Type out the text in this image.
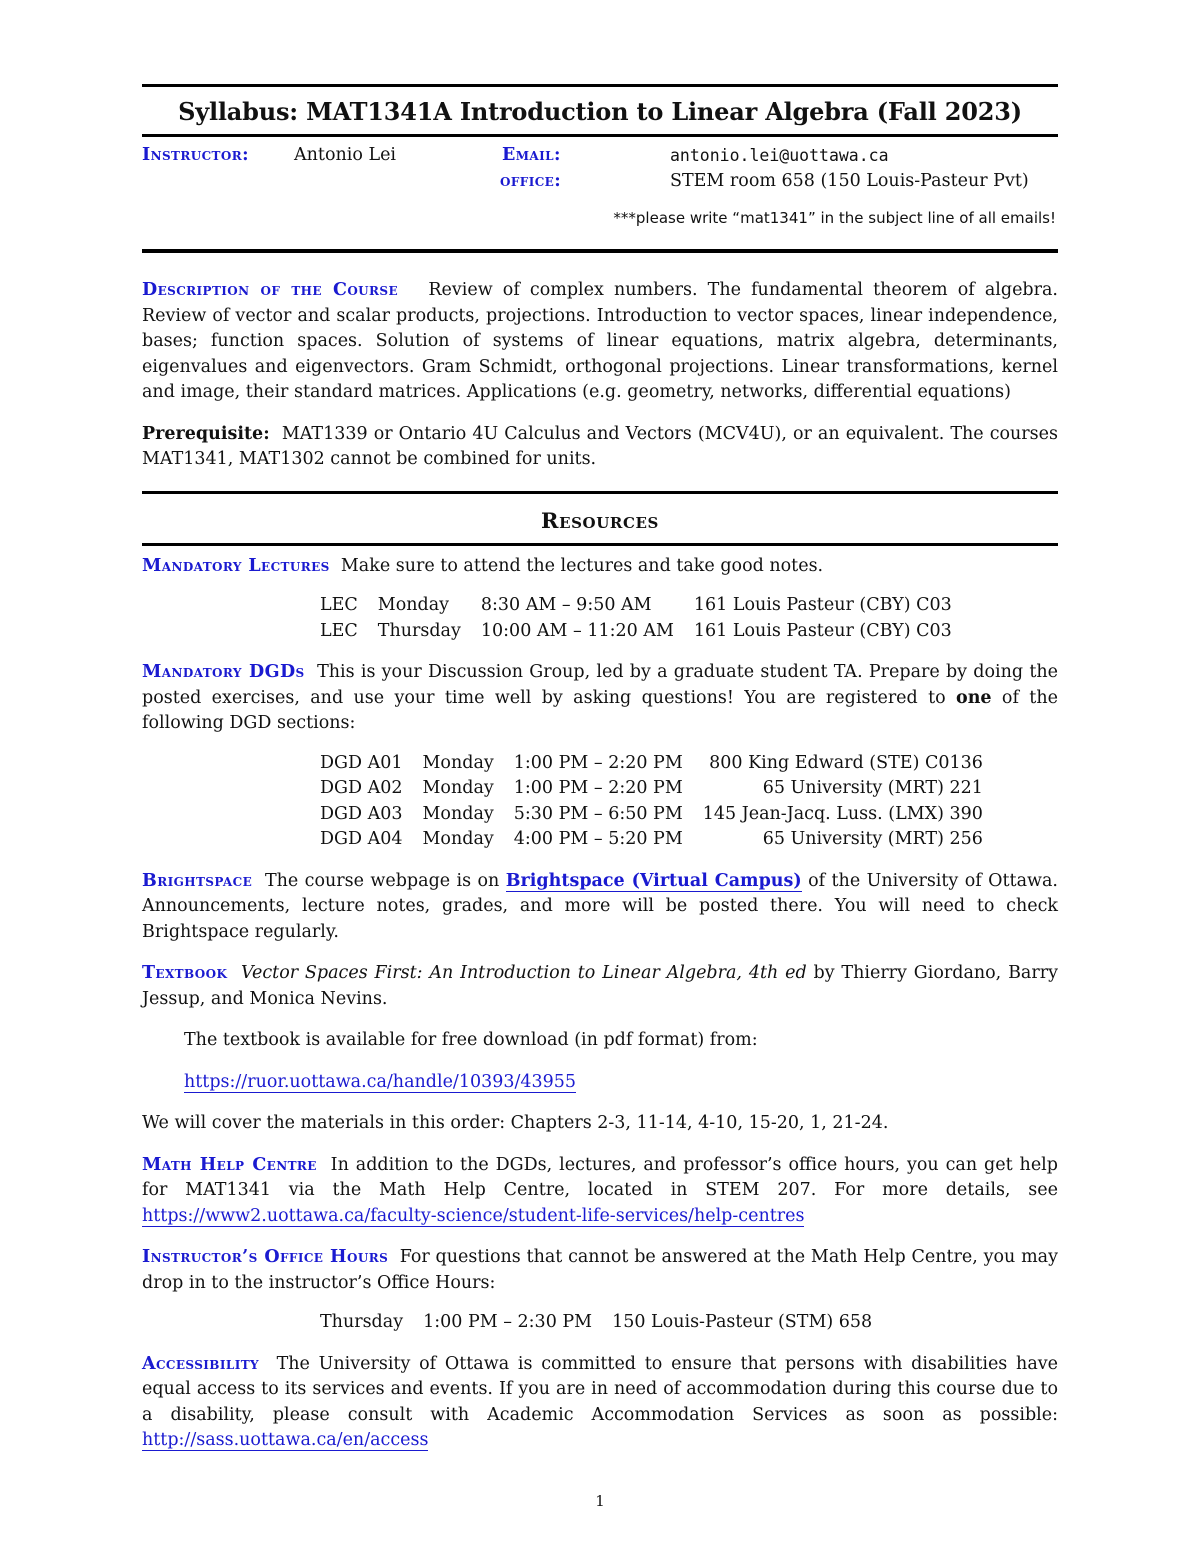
Syllabus: MAT1341A Introduction to Linear Algebra (Fall 2023)
Instructor:	Antonio Lei	Email:	antonio.lei@uottawa.ca
office:	STEM room 658 (150 Louis-Pasteur Pvt)
***please write “mat1341” in the subject line of all emails!

Description of the Course Review of complex numbers. The fundamental theorem of algebra. Review of vector and scalar products, projections. Introduction to vector spaces, linear independence, bases; function spaces. Solution of systems of linear equations, matrix algebra, determinants, eigenvalues and eigenvectors. Gram Schmidt, orthogonal projections. Linear transformations, kernel and image, their standard matrices. Applications (e.g. geometry, networks, differential equations)

Prerequisite: MAT1339 or Ontario 4U Calculus and Vectors (MCV4U), or an equivalent. The courses MAT1341, MAT1302 cannot be combined for units.

Resources

Mandatory Lectures Make sure to attend the lectures and take good notes.

LEC	Monday	8:30 AM – 9:50 AM	161 Louis Pasteur (CBY) C03
LEC	Thursday	10:00 AM – 11:20 AM	161 Louis Pasteur (CBY) C03

Mandatory DGDs This is your Discussion Group, led by a graduate student TA. Prepare by doing the posted exercises, and use your time well by asking questions! You are registered to one of the following DGD sections:

DGD A01	Monday	1:00 PM – 2:20 PM	800 King Edward (STE) C0136
DGD A02	Monday	1:00 PM – 2:20 PM	65 University (MRT) 221
DGD A03	Monday	5:30 PM – 6:50 PM	145 Jean-Jacq. Luss. (LMX) 390
DGD A04	Monday	4:00 PM – 5:20 PM	65 University (MRT) 256

Brightspace The course webpage is on Brightspace (Virtual Campus) of the University of Ottawa. Announcements, lecture notes, grades, and more will be posted there. You will need to check Brightspace regularly.

Textbook Vector Spaces First: An Introduction to Linear Algebra, 4th ed by Thierry Giordano, Barry Jessup, and Monica Nevins.

The textbook is available for free download (in pdf format) from:

https://ruor.uottawa.ca/handle/10393/43955

We will cover the materials in this order: Chapters 2-3, 11-14, 4-10, 15-20, 1, 21-24.

Math Help Centre In addition to the DGDs, lectures, and professor’s office hours, you can get help for MAT1341 via the Math Help Centre, located in STEM 207. For more details, see https://www2.uottawa.ca/faculty-science/student-life-services/help-centres

Instructor’s Office Hours For questions that cannot be answered at the Math Help Centre, you may drop in to the instructor’s Office Hours:

Thursday	1:00 PM – 2:30 PM	150 Louis-Pasteur (STM) 658

Accessibility The University of Ottawa is committed to ensure that persons with disabilities have equal access to its services and events. If you are in need of accommodation during this course due to a disability, please consult with Academic Accommodation Services as soon as possible: http://sass.uottawa.ca/en/access

1
